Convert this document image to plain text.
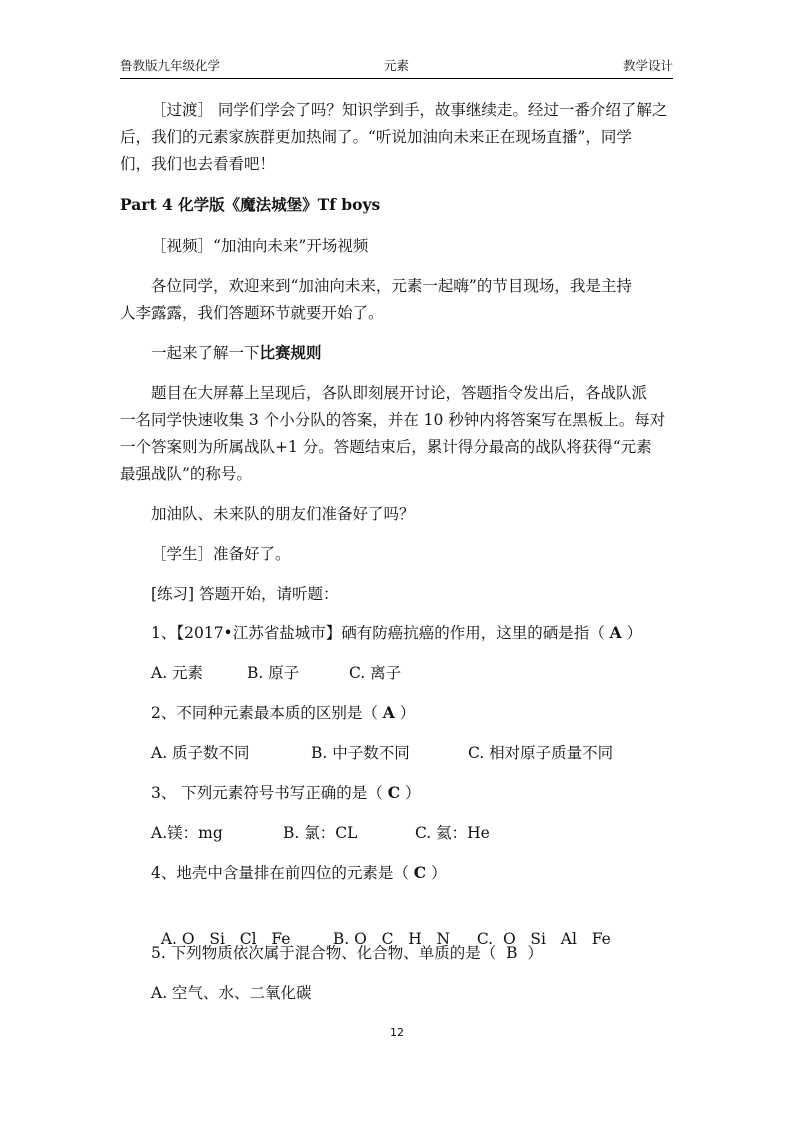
鲁教版九年级化学	元素	教学设计
［过渡］ 同学们学会了吗？知识学到手，故事继续走。经过一番介绍了解之
后，我们的元素家族群更加热闹了。“听说加油向未来正在现场直播”，同学
们，我们也去看看吧！
Part 4 化学版《魔法城堡》Tf boys
［视频］“加油向未来”开场视频
各位同学，欢迎来到“加油向未来，元素一起嗨”的节目现场，我是主持
人李露露，我们答题环节就要开始了。
一起来了解一下比赛规则
题目在大屏幕上呈现后，各队即刻展开讨论，答题指令发出后，各战队派
一名同学快速收集 3 个小分队的答案，并在 10 秒钟内将答案写在黑板上。每对
一个答案则为所属战队+1 分。答题结束后，累计得分最高的战队将获得“元素
最强战队”的称号。
加油队、未来队的朋友们准备好了吗？
［学生］准备好了。
[练习] 答题开始，请听题：
1、【2017•江苏省盐城市】硒有防癌抗癌的作用，这里的硒是指（ A ）
A. 元素	B. 原子	C. 离子
2、不同种元素最本质的区别是（ A ）
A. 质子数不同	B. 中子数不同	C. 相对原子质量不同
3、 下列元素符号书写正确的是（ C ）
A.镁：mg	B. 氯：CL	C. 氦：He
4、地壳中含量排在前四位的元素是（ C ）

A. O   Si   Cl   Fe	B. O   C   H   N C.  O   Si   Al   Fe

5. 下列物质依次属于混合物、化合物、单质的是（  B  ）
A. 空气、水、二氧化碳
12
